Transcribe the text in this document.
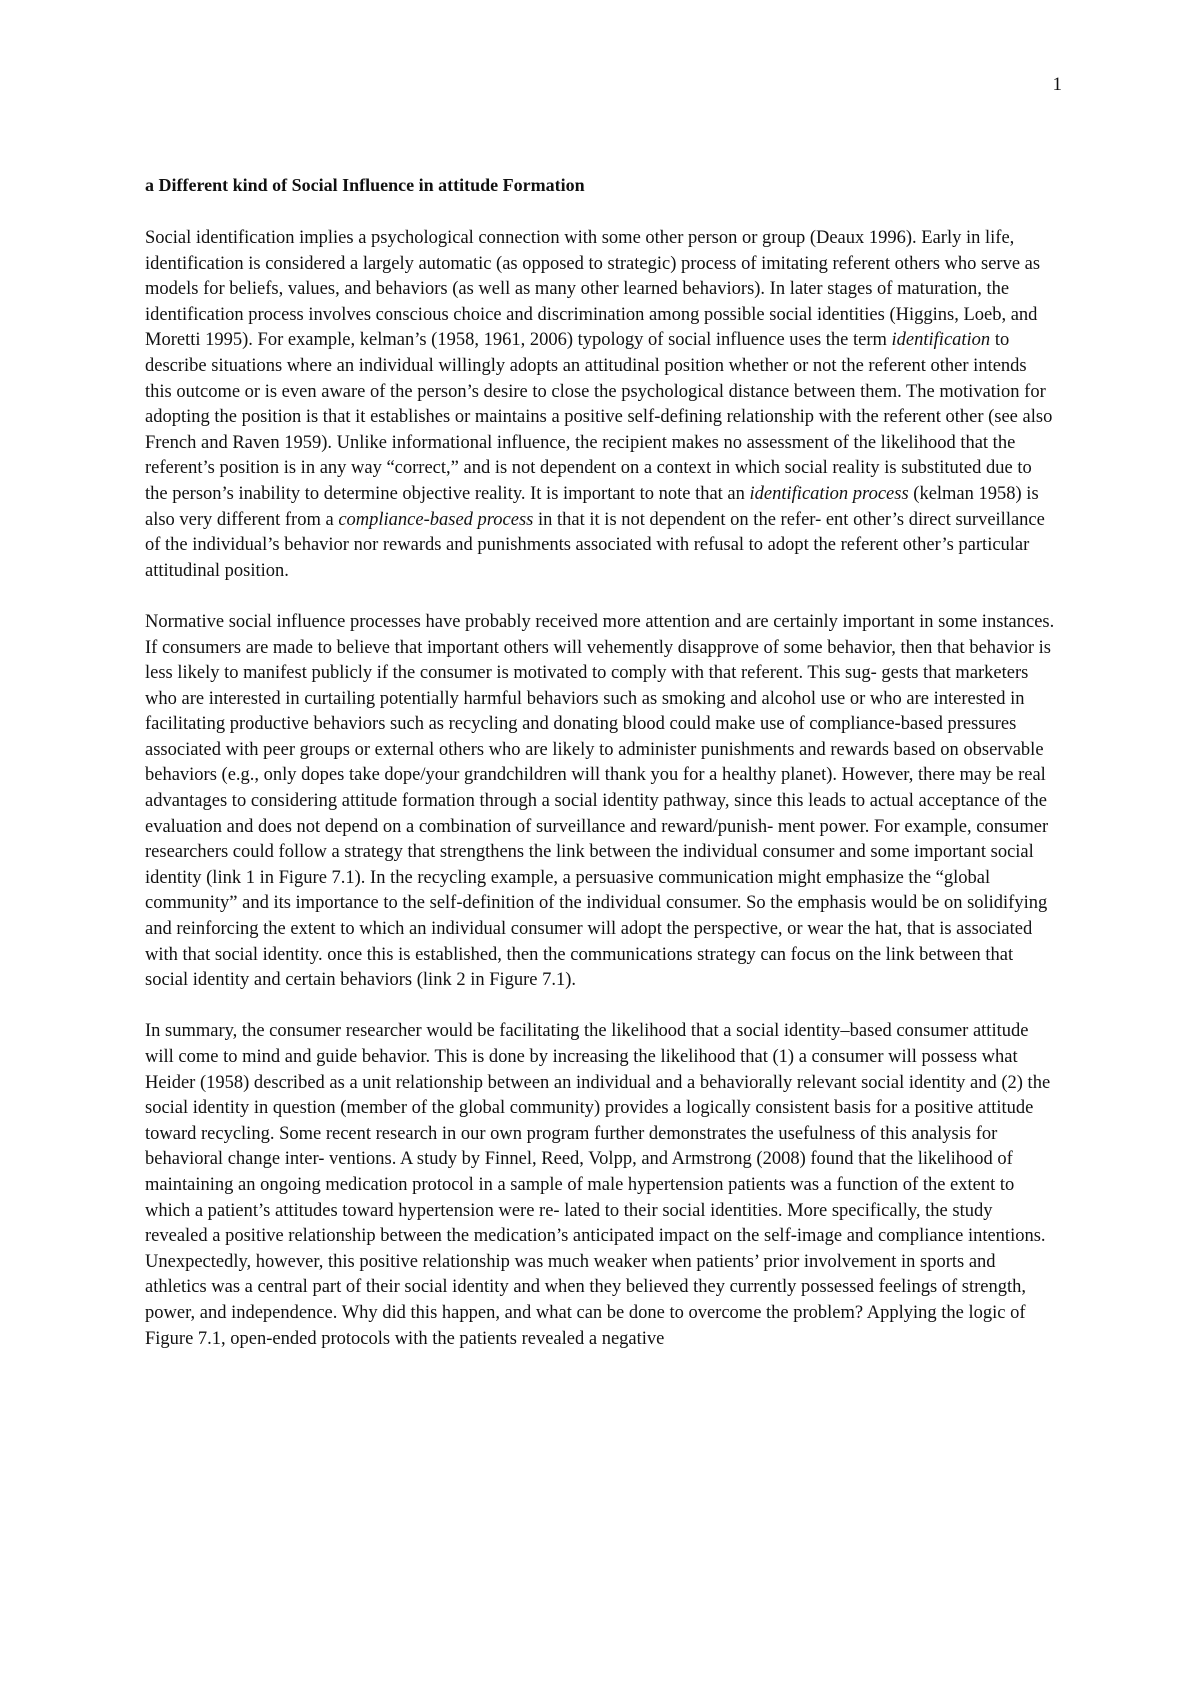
1
a Different kind of Social Influence in attitude Formation

Social identification implies a psychological connection with some other person or group (Deaux 1996). Early in life, identification is considered a largely automatic (as opposed to strategic) process of imitating referent others who serve as models for beliefs, values, and behaviors (as well as many other learned behaviors). In later stages of maturation, the identification process involves conscious choice and discrimination among possible social identities (Higgins, Loeb, and Moretti 1995). For example, kelman’s (1958, 1961, 2006) typology of social influence uses the term identification to describe situations where an individual willingly adopts an attitudinal position whether or not the referent other intends this outcome or is even aware of the person’s desire to close the psychological distance between them. The motivation for adopting the position is that it establishes or maintains a positive self-defining relationship with the referent other (see also French and Raven 1959). Unlike informational influence, the recipient makes no assessment of the likelihood that the referent’s position is in any way “correct,” and is not dependent on a context in which social reality is substituted due to the person’s inability to determine objective reality. It is important to note that an identification process (kelman 1958) is also very different from a compliance-based process in that it is not dependent on the refer- ent other’s direct surveillance of the individual’s behavior nor rewards and punishments associated with refusal to adopt the referent other’s particular attitudinal position.

Normative social influence processes have probably received more attention and are certainly important in some instances. If consumers are made to believe that important others will vehemently disapprove of some behavior, then that behavior is less likely to manifest publicly if the consumer is motivated to comply with that referent. This sug- gests that marketers who are interested in curtailing potentially harmful behaviors such as smoking and alcohol use or who are interested in facilitating productive behaviors such as recycling and donating blood could make use of compliance-based pressures associated with peer groups or external others who are likely to administer punishments and rewards based on observable behaviors (e.g., only dopes take dope/your grandchildren will thank you for a healthy planet). However, there may be real advantages to considering attitude formation through a social identity pathway, since this leads to actual acceptance of the evaluation and does not depend on a combination of surveillance and reward/punish- ment power. For example, consumer researchers could follow a strategy that strengthens the link between the individual consumer and some important social identity (link 1 in Figure 7.1). In the recycling example, a persuasive communication might emphasize the “global community” and its importance to the self-definition of the individual consumer. So the emphasis would be on solidifying and reinforcing the extent to which an individual consumer will adopt the perspective, or wear the hat, that is associated with that social identity. once this is established, then the communications strategy can focus on the link between that social identity and certain behaviors (link 2 in Figure 7.1).

In summary, the consumer researcher would be facilitating the likelihood that a social identity–based consumer attitude will come to mind and guide behavior. This is done by increasing the likelihood that (1) a consumer will possess what Heider (1958) described as a unit relationship between an individual and a behaviorally relevant social identity and (2) the social identity in question (member of the global community) provides a logically consistent basis for a positive attitude toward recycling. Some recent research in our own program further demonstrates the usefulness of this analysis for behavioral change inter- ventions. A study by Finnel, Reed, Volpp, and Armstrong (2008) found that the likelihood of maintaining an ongoing medication protocol in a sample of male hypertension patients was a function of the extent to which a patient’s attitudes toward hypertension were re- lated to their social identities. More specifically, the study revealed a positive relationship between the medication’s anticipated impact on the self-image and compliance intentions. Unexpectedly, however, this positive relationship was much weaker when patients’ prior involvement in sports and athletics was a central part of their social identity and when they believed they currently possessed feelings of strength, power, and independence. Why did this happen, and what can be done to overcome the problem? Applying the logic of Figure 7.1, open-ended protocols with the patients revealed a negative
